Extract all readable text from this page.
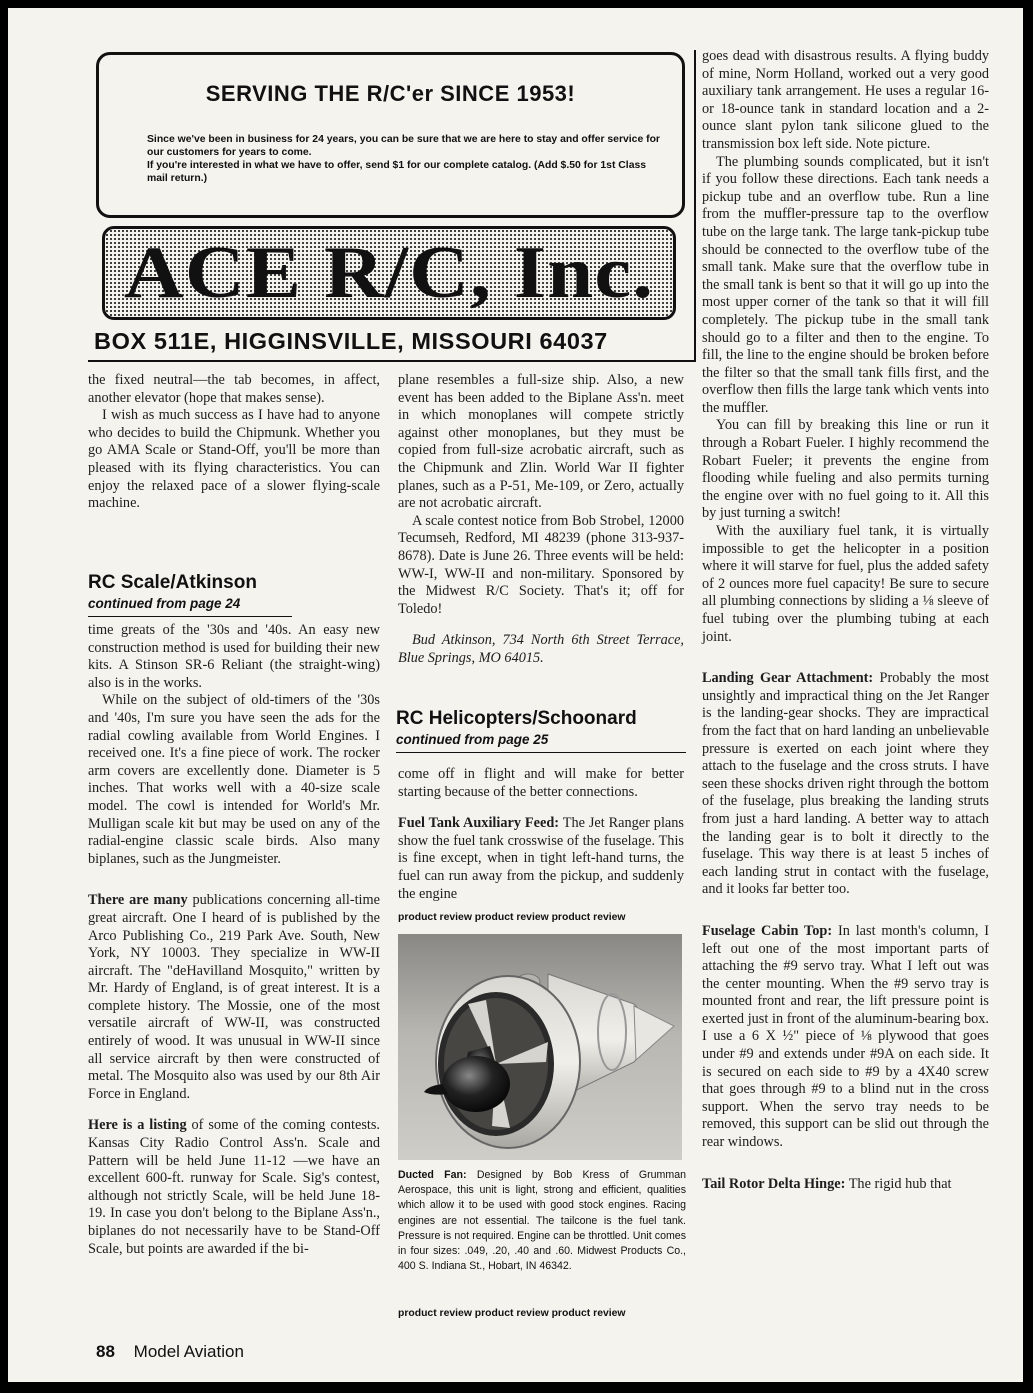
SERVING THE R/C'er SINCE 1953!
Since we've been in business for 24 years, you can be sure that we are here to stay and offer service for our customers for years to come.
If you're interested in what we have to offer, send $1 for our complete catalog. (Add $.50 for 1st Class mail return.)
ACE R/C, Inc.
BOX 511E, HIGGINSVILLE, MISSOURI 64037

the fixed neutral—the tab becomes, in affect, another elevator (hope that makes sense).

I wish as much success as I have had to anyone who decides to build the Chipmunk. Whether you go AMA Scale or Stand-Off, you'll be more than pleased with its flying characteristics. You can enjoy the relaxed pace of a slower flying-scale machine.

RC Scale/Atkinson
continued from page 24

time greats of the '30s and '40s. An easy new construction method is used for building their new kits. A Stinson SR-6 Reliant (the straight-wing) also is in the works.

While on the subject of old-timers of the '30s and '40s, I'm sure you have seen the ads for the radial cowling available from World Engines. I received one. It's a fine piece of work. The rocker arm covers are excellently done. Diameter is 5 inches. That works well with a 40-size scale model. The cowl is intended for World's Mr. Mulligan scale kit but may be used on any of the radial-engine classic scale birds. Also many biplanes, such as the Jungmeister.

There are many publications concerning all-time great aircraft. One I heard of is published by the Arco Publishing Co., 219 Park Ave. South, New York, NY 10003. They specialize in WW-II aircraft. The "deHavilland Mosquito," written by Mr. Hardy of England, is of great interest. It is a complete history. The Mossie, one of the most versatile aircraft of WW-II, was constructed entirely of wood. It was unusual in WW-II since all service aircraft by then were constructed of metal. The Mosquito also was used by our 8th Air Force in England.

Here is a listing of some of the coming contests. Kansas City Radio Control Ass'n. Scale and Pattern will be held June 11-12 —we have an excellent 600-ft. runway for Scale. Sig's contest, although not strictly Scale, will be held June 18-19. In case you don't belong to the Biplane Ass'n., biplanes do not necessarily have to be Stand-Off Scale, but points are awarded if the bi-

plane resembles a full-size ship. Also, a new event has been added to the Biplane Ass'n. meet in which monoplanes will compete strictly against other monoplanes, but they must be copied from full-size acrobatic aircraft, such as the Chipmunk and Zlin. World War II fighter planes, such as a P-51, Me-109, or Zero, actually are not acrobatic aircraft.

A scale contest notice from Bob Strobel, 12000 Tecumseh, Redford, MI 48239 (phone 313-937-8678). Date is June 26. Three events will be held: WW-I, WW-II and non-military. Sponsored by the Midwest R/C Society. That's it; off for Toledo!

Bud Atkinson, 734 North 6th Street Terrace, Blue Springs, MO 64015.

RC Helicopters/Schoonard
continued from page 25

come off in flight and will make for better starting because of the better connections.

Fuel Tank Auxiliary Feed: The Jet Ranger plans show the fuel tank crosswise of the fuselage. This is fine except, when in tight left-hand turns, the fuel can run away from the pickup, and suddenly the engine

product review product review product review
Ducted Fan: Designed by Bob Kress of Grumman Aerospace, this unit is light, strong and efficient, qualities which allow it to be used with good stock engines. Racing engines are not essential. The tailcone is the fuel tank. Pressure is not required. Engine can be throttled. Unit comes in four sizes: .049, .20, .40 and .60. Midwest Products Co., 400 S. Indiana St., Hobart, IN 46342.
product review product review product review

goes dead with disastrous results. A flying buddy of mine, Norm Holland, worked out a very good auxiliary tank arrangement. He uses a regular 16- or 18-ounce tank in standard location and a 2-ounce slant pylon tank silicone glued to the transmission box left side. Note picture.

The plumbing sounds complicated, but it isn't if you follow these directions. Each tank needs a pickup tube and an overflow tube. Run a line from the muffler-pressure tap to the overflow tube on the large tank. The large tank-pickup tube should be connected to the overflow tube of the small tank. Make sure that the overflow tube in the small tank is bent so that it will go up into the most upper corner of the tank so that it will fill completely. The pickup tube in the small tank should go to a filter and then to the engine. To fill, the line to the engine should be broken before the filter so that the small tank fills first, and the overflow then fills the large tank which vents into the muffler.

You can fill by breaking this line or run it through a Robart Fueler. I highly recommend the Robart Fueler; it prevents the engine from flooding while fueling and also permits turning the engine over with no fuel going to it. All this by just turning a switch!

With the auxiliary fuel tank, it is virtually impossible to get the helicopter in a position where it will starve for fuel, plus the added safety of 2 ounces more fuel capacity! Be sure to secure all plumbing connections by sliding a ⅛ sleeve of fuel tubing over the plumbing tubing at each joint.

Landing Gear Attachment: Probably the most unsightly and impractical thing on the Jet Ranger is the landing-gear shocks. They are impractical from the fact that on hard landing an unbelievable pressure is exerted on each joint where they attach to the fuselage and the cross struts. I have seen these shocks driven right through the bottom of the fuselage, plus breaking the landing struts from just a hard landing. A better way to attach the landing gear is to bolt it directly to the fuselage. This way there is at least 5 inches of each landing strut in contact with the fuselage, and it looks far better too.

Fuselage Cabin Top: In last month's column, I left out one of the most important parts of attaching the #9 servo tray. What I left out was the center mounting. When the #9 servo tray is mounted front and rear, the lift pressure point is exerted just in front of the aluminum-bearing box. I use a 6 X ½" piece of ⅛ plywood that goes under #9 and extends under #9A on each side. It is secured on each side to #9 by a 4X40 screw that goes through #9 to a blind nut in the cross support. When the servo tray needs to be removed, this support can be slid out through the rear windows.

Tail Rotor Delta Hinge: The rigid hub that

88 Model Aviation
